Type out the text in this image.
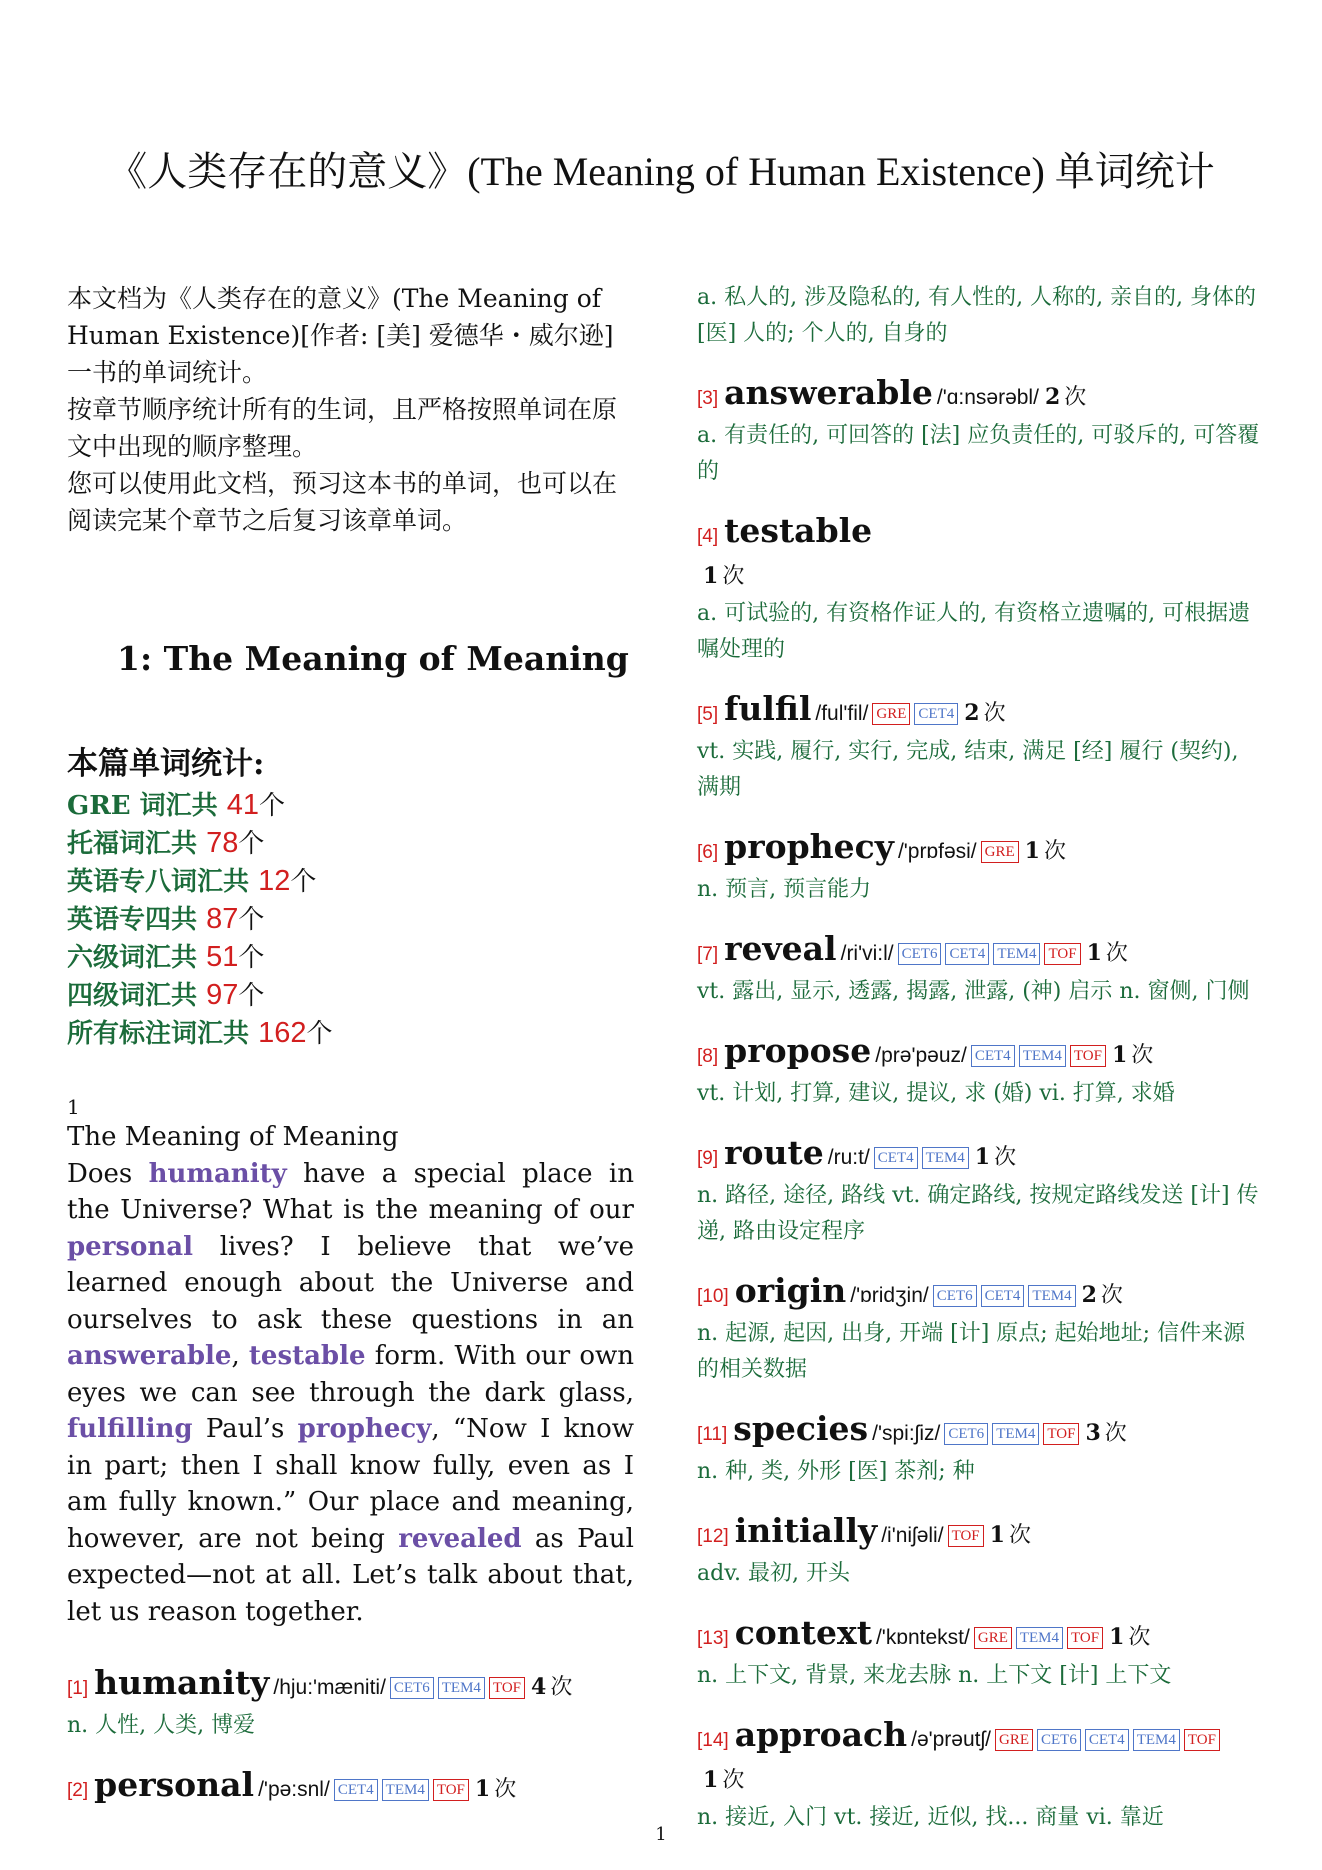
《人类存在的意义》(The Meaning of Human Existence) 单词统计

本文档为《人类存在的意义》(The Meaning of Human Existence)[作者: [美] 爱德华・威尔逊] 一书的单词统计。

按章节顺序统计所有的生词，且严格按照单词在原文中出现的顺序整理。

您可以使用此文档，预习这本书的单词，也可以在阅读完某个章节之后复习该章单词。

1: The Meaning of Meaning
本篇单词统计:
GRE 词汇共 41个
托福词汇共 78个
英语专八词汇共 12个
英语专四共 87个
六级词汇共 51个
四级词汇共 97个
所有标注词汇共 162个
1

The Meaning of Meaning

Does humanity have a special place in the Universe? What is the meaning of our personal lives? I believe that we’ve learned enough about the Universe and ourselves to ask these questions in an answerable, testable form. With our own eyes we can see through the dark glass, fulfilling Paul’s prophecy, “Now I know in part; then I shall know fully, even as I am fully known.” Our place and meaning, however, are not being revealed as Paul expected—not at all. Let’s talk about that, let us reason together.

[1] humanity /hju:'mæniti/ CET6 TEM4 TOF 4 次
n. 人性, 人类, 博爱
[2] personal /'pə:snl/ CET4 TEM4 TOF 1 次
a. 私人的, 涉及隐私的, 有人性的, 人称的, 亲自的, 身体的 [医] 人的; 个人的, 自身的
[3] answerable /'ɑ:nsərəbl/ 2 次
a. 有责任的, 可回答的 [法] 应负责任的, 可驳斥的, 可答覆的
[4] testable
1 次
a. 可试验的, 有资格作证人的, 有资格立遗嘱的, 可根据遗嘱处理的
[5] fulfil /ful'fil/ GRE CET4 2 次
vt. 实践, 履行, 实行, 完成, 结束, 满足 [经] 履行 (契约), 满期
[6] prophecy /'prɒfəsi/ GRE 1 次
n. 预言, 预言能力
[7] reveal /ri'vi:l/ CET6 CET4 TEM4 TOF 1 次
vt. 露出, 显示, 透露, 揭露, 泄露, (神) 启示 n. 窗侧, 门侧
[8] propose /prə'pəuz/ CET4 TEM4 TOF 1 次
vt. 计划, 打算, 建议, 提议, 求 (婚) vi. 打算, 求婚
[9] route /ru:t/ CET4 TEM4 1 次
n. 路径, 途径, 路线 vt. 确定路线, 按规定路线发送 [计] 传递, 路由设定程序
[10] origin /'ɒridʒin/ CET6 CET4 TEM4 2 次
n. 起源, 起因, 出身, 开端 [计] 原点; 起始地址; 信件来源的相关数据
[11] species /'spi:ʃiz/ CET6 TEM4 TOF 3 次
n. 种, 类, 外形 [医] 茶剂; 种
[12] initially /i'niʃəli/ TOF 1 次
adv. 最初, 开头
[13] context /'kɒntekst/ GRE TEM4 TOF 1 次
n. 上下文, 背景, 来龙去脉 n. 上下文 [计] 上下文
[14] approach /ə'prəutʃ/ GRE CET6 CET4 TEM4 TOF
1 次
n. 接近, 入门 vt. 接近, 近似, 找... 商量 vi. 靠近
1
